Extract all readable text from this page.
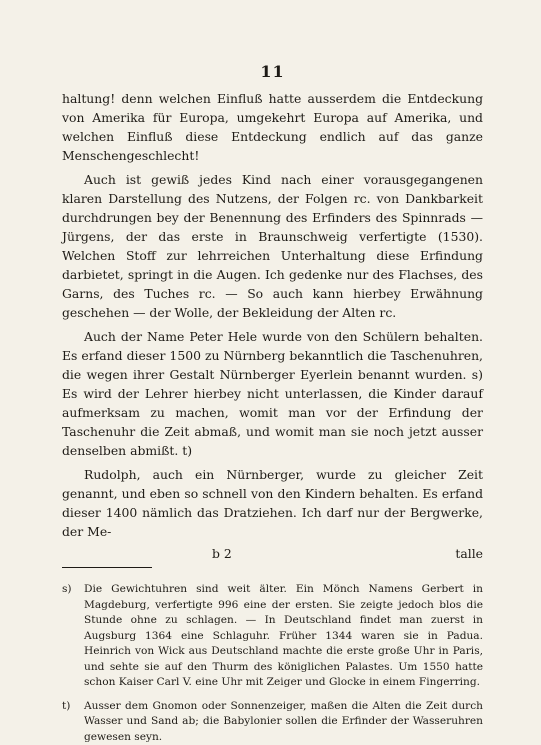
11

haltung! denn welchen Einfluß hatte ausserdem die Entdeckung von Amerika für Europa, umgekehrt Europa auf Amerika, und welchen Einfluß diese Entdeckung endlich auf das ganze Menschengeschlecht!

Auch ist gewiß jedes Kind nach einer vorausgegangenen klaren Darstellung des Nutzens, der Folgen rc. von Dankbarkeit durchdrungen bey der Benennung des Erfinders des Spinnrads — Jürgens, der das erste in Braunschweig verfertigte (1530). Welchen Stoff zur lehrreichen Unterhaltung diese Erfindung darbietet, springt in die Augen. Ich gedenke nur des Flachses, des Garns, des Tuches rc. — So auch kann hierbey Erwähnung geschehen — der Wolle, der Bekleidung der Alten rc.

Auch der Name Peter Hele wurde von den Schülern behalten. Es erfand dieser 1500 zu Nürnberg bekanntlich die Taschenuhren, die wegen ihrer Gestalt Nürnberger Eyerlein benannt wurden. s) Es wird der Lehrer hierbey nicht unterlassen, die Kinder darauf aufmerksam zu machen, womit man vor der Erfindung der Taschenuhr die Zeit abmaß, und womit man sie noch jetzt ausser denselben abmißt. t)

Rudolph, auch ein Nürnberger, wurde zu gleicher Zeit genannt, und eben so schnell von den Kindern behalten. Es erfand dieser 1400 nämlich das Dratziehen. Ich darf nur der Bergwerke, der Me-

b 2	talle

s) Die Gewichtuhren sind weit älter. Ein Mönch Namens Gerbert in Magdeburg, verfertigte 996 eine der ersten. Sie zeigte jedoch blos die Stunde ohne zu schlagen. — In Deutschland findet man zuerst in Augsburg 1364 eine Schlaguhr. Früher 1344 waren sie in Padua. Heinrich von Wick aus Deutschland machte die erste große Uhr in Paris, und sehte sie auf den Thurm des königlichen Palastes. Um 1550 hatte schon Kaiser Carl V. eine Uhr mit Zeiger und Glocke in einem Fingerring.

t) Ausser dem Gnomon oder Sonnenzeiger, maßen die Alten die Zeit durch Wasser und Sand ab; die Babylonier sollen die Erfinder der Wasseruhren gewesen seyn.
